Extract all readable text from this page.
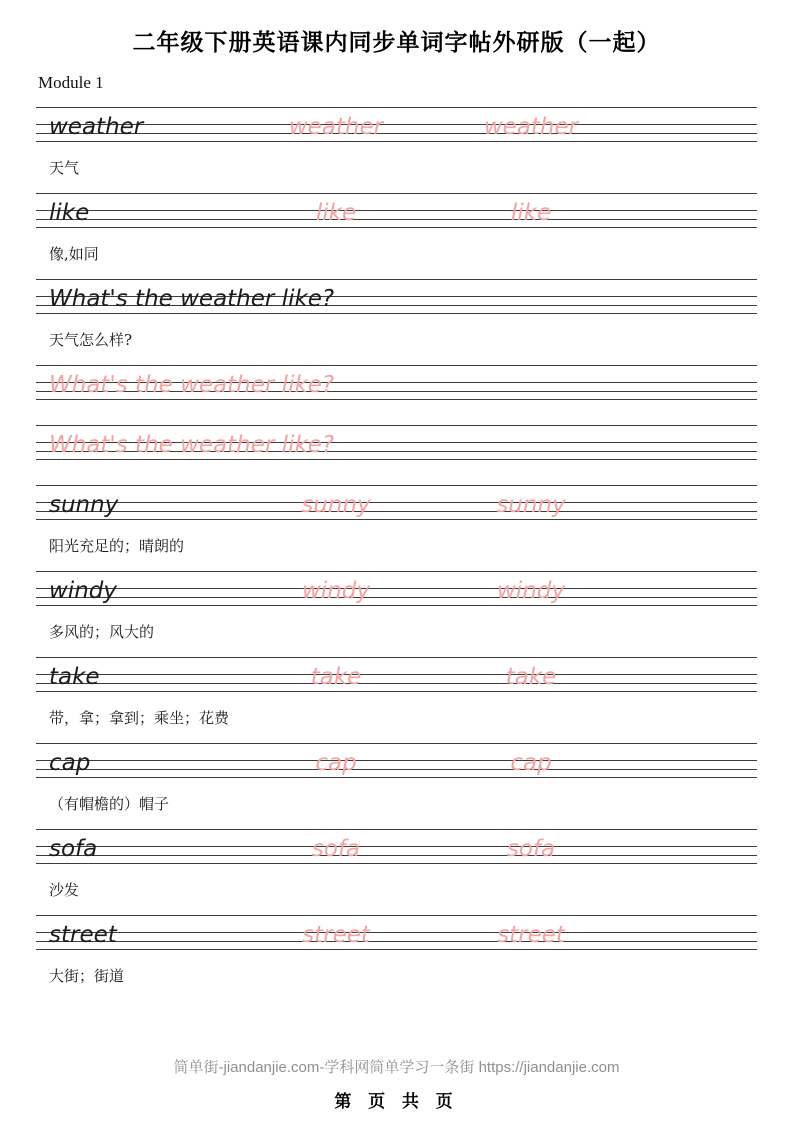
二年级下册英语课内同步单词字帖外研版（一起）
Module 1
weather	weather	weather
天气
like	like	like
像,如同
What's the weather like?
天气怎么样?
What's the weather like?
What's the weather like?
sunny	sunny	sunny
阳光充足的；晴朗的
windy	windy	windy
多风的；风大的
take	take	take
带，拿；拿到；乘坐；花费
cap	cap	cap
（有帽檐的）帽子
sofa	sofa	sofa
沙发
street	street	street
大街；街道
简单街-jiandanjie.com-学科网简单学习一条街 https://jiandanjie.com
第 页 共 页
